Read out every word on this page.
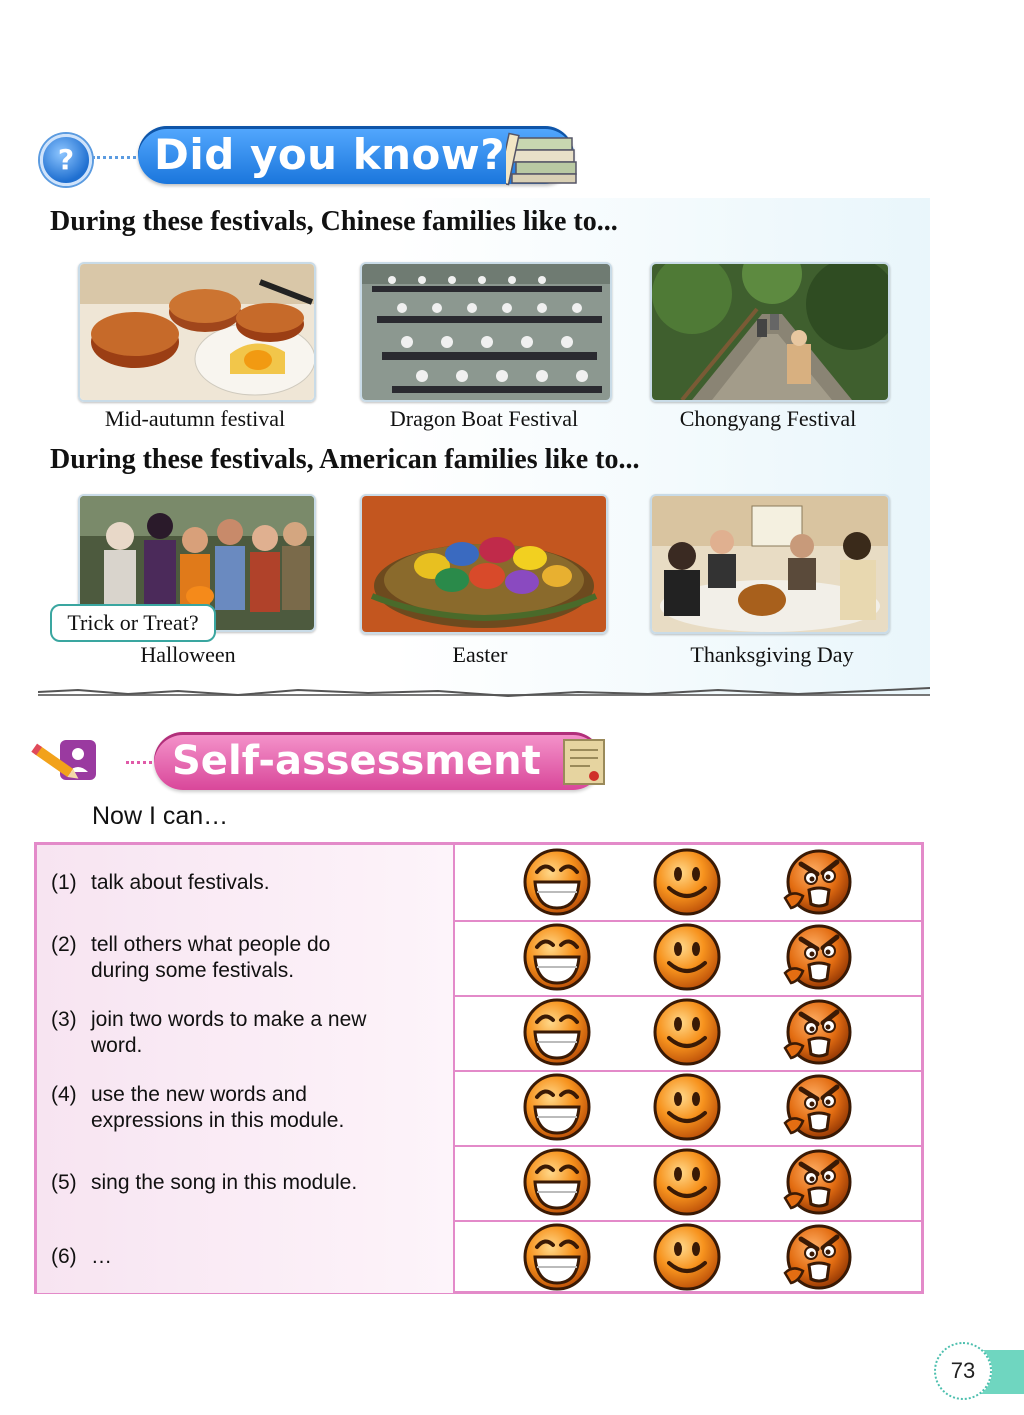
?	Did you know?
During these festivals, Chinese families like to...
Mid-autumn festival	Dragon Boat Festival	Chongyang Festival
During these festivals, American families like to...
Trick or Treat?
Halloween	Easter	Thanksgiving Day
Self-assessment
Now I can…
(1) talk about festivals.
(2) tell others what people do
during some festivals.
(3) join two words to make a new
word.
(4) use the new words and
expressions in this module.
(5) sing the song in this module.
(6) …
73
